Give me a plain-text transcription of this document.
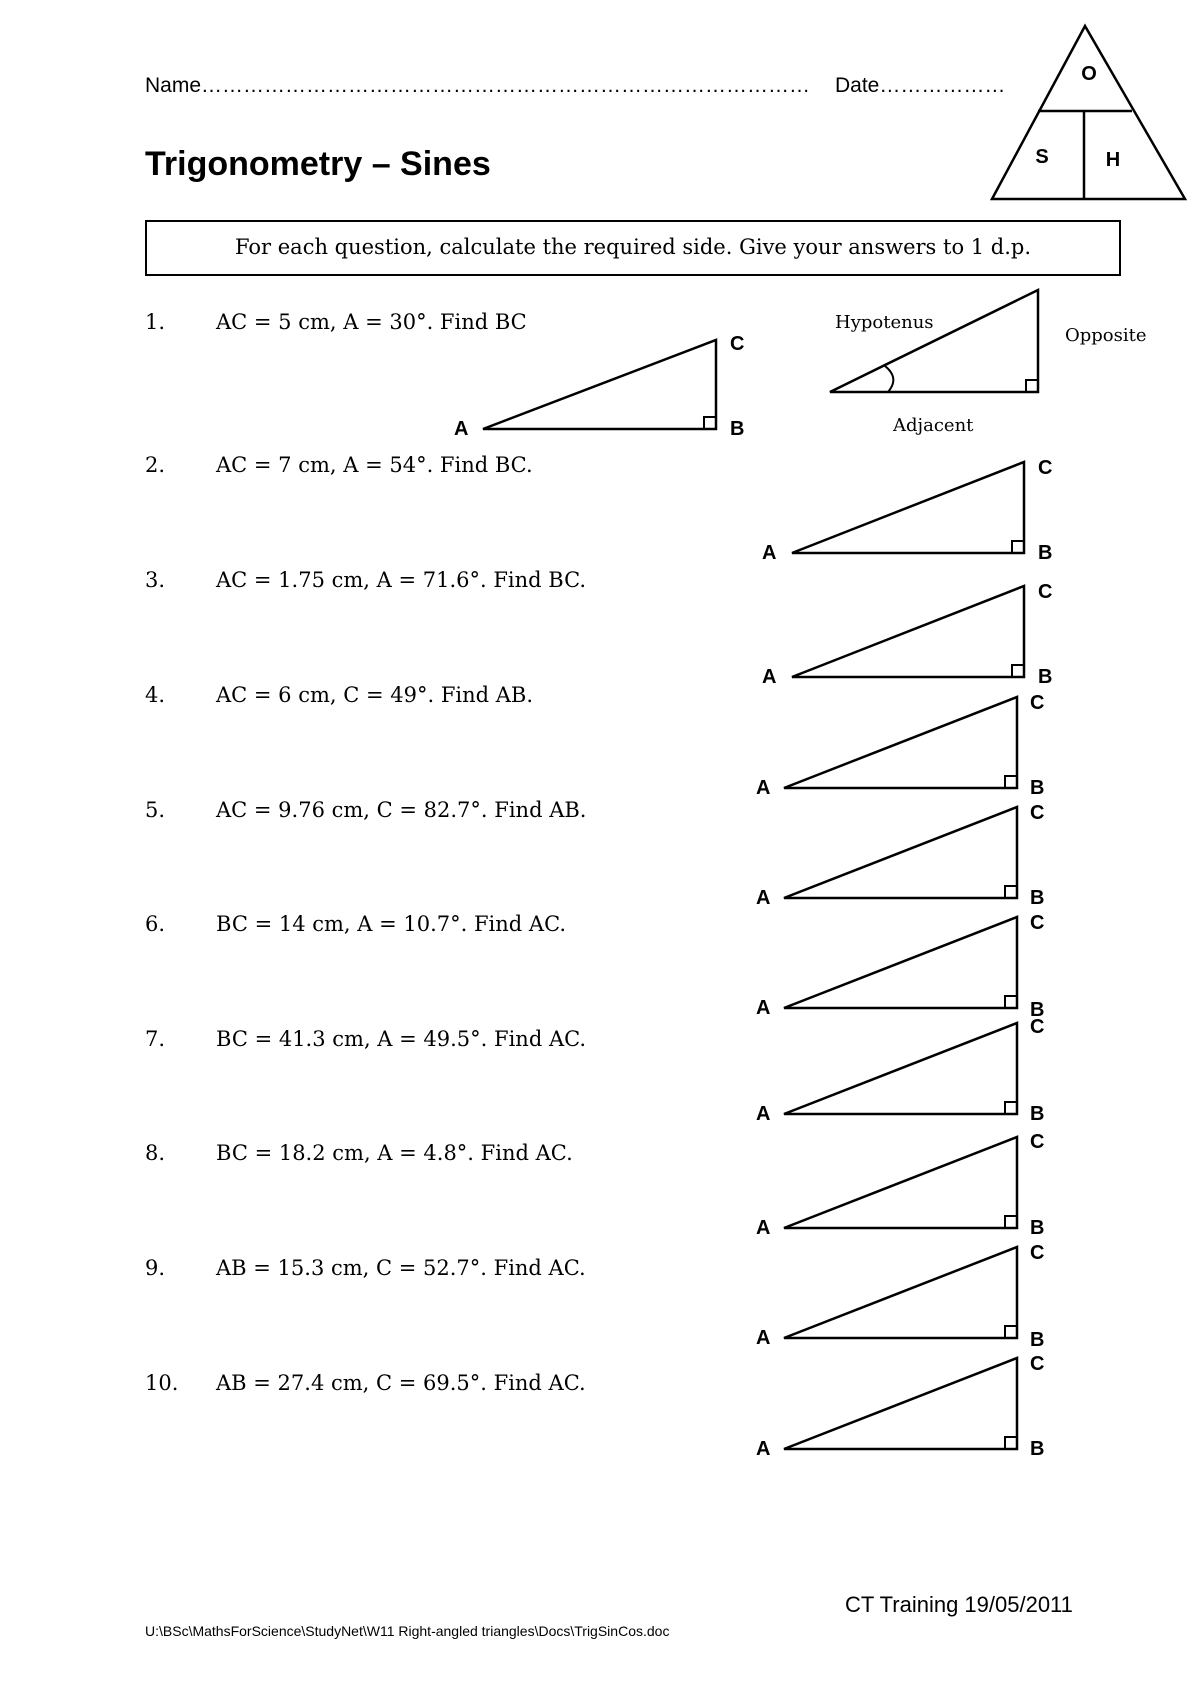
Name…………………………………………………………………………… Date………………
Trigonometry – Sines
For each question, calculate the required side. Give your answers to 1 d.p.
1. AC = 5 cm, A = 30°. Find BC
2. AC = 7 cm, A = 54°. Find BC.
3. AC = 1.75 cm, A = 71.6°. Find BC.
4. AC = 6 cm, C = 49°. Find AB.
5. AC = 9.76 cm, C = 82.7°. Find AB.
6. BC = 14 cm, A = 10.7°. Find AC.
7. BC = 41.3 cm, A = 49.5°. Find AC.
8. BC = 18.2 cm, A = 4.8°. Find AC.
9. AB = 15.3 cm, C = 52.7°. Find AC.
10. AB = 27.4 cm, C = 69.5°. Find AC.
O
S	H
Hypotenus
Opposite
Adjacent
A	B
C
A	B
C
A	B
C
A	B
C
A	B
C
A	B
C
A	B
C
A	B
C
A	B
C
A	B
C
CT Training 19/05/2011
U:\BSc\MathsForScience\StudyNet\W11 Right-angled triangles\Docs\TrigSinCos.doc
